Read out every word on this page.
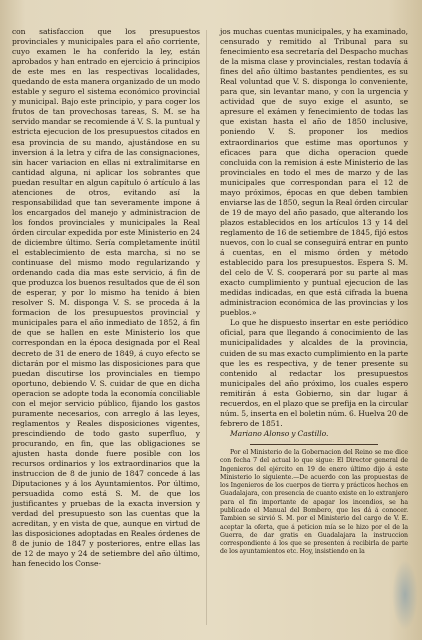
con satisfaccion que los presupuestos provinciales y municipales para el año corriente, cuyo examen le ha conferido la ley, están aprobados y han entrado en ejercicio á principios de este mes en las respectivas localidades, quedando de esta manera organizado de un modo estable y seguro el sistema económico provincial y municipal. Bajo este principio, y para coger los frutos de tan provechosas tareas, S. M. se ha servido mandar se recomiende á V. S. la puntual y estricta ejecucion de los presupuestos citados en esa provincia de su mando, ajustándose en su inversion á la letra y cifra de las consignaciones, sin hacer variacion en ellas ni extralimitarse en cantidad alguna, ni aplicar los sobrantes que puedan resultar en algun capítulo ó artículo á las atenciones de otros, evitando así la responsabilidad que tan severamente impone á los encargados del manejo y administracion de los fondos provinciales y municipales la Real órden circular expedida por este Ministerio en 24 de diciembre último. Sería completamente inútil el establecimiento de esta marcha, si no se continuase del mismo modo regularizando y ordenando cada dia mas este servicio, á fin de que produzca los buenos resultados que de él son de esperar, y por lo mismo ha tenido á bien resolver S. M. disponga V. S. se proceda á la formacion de los presupuestos provincial y municipales para el año inmediato de 1852, á fin de que se hallen en este Ministerio los que correspondan en la época designada por el Real decreto de 31 de enero de 1849, á cuyo efecto se dictarán por el mismo las disposiciones para que puedan discutirse los provinciales en tiempo oportuno, debiendo V. S. cuidar de que en dicha operacion se adopte toda la economía conciliable con el mejor servicio público, fijando los gastos puramente necesarios, con arreglo á las leyes, reglamentos y Reales disposiciones vigentes, prescindiendo de todo gasto superfluo, y procurando, en fin, que las obligaciones se ajusten hasta donde fuere posible con los recursos ordinarios y los extraordinarios que la instruccion de 8 de junio de 1847 concede á las Diputaciones y á los Ayuntamientos. Por último, persuadida como está S. M. de que los justificantes y pruebas de la exacta inversion y verdad del presupuesto son las cuentas que la acreditan, y en vista de que, aunque en virtud de las disposiciones adoptadas en Reales órdenes de 8 de junio de 1847 y posteriores, entre ellas las de 12 de mayo y 24 de setiembre del año último, han fenecido los Conse-

jos muchas cuentas municipales, y ha examinado, censurado y remitido al Tribunal para su fenecimiento esa secretaría del Despacho muchas de la misma clase y provinciales, restan todavía á fines del año último bastantes pendientes, es su Real voluntad que V. S. disponga lo conveniente, para que, sin levantar mano, y con la urgencia y actividad que de suyo exige el asunto, se apresure el exámen y fenecimiento de todas las que existan hasta el año de 1850 inclusive, poniendo V. S. proponer los medios extraordinarios que estime mas oportunos y eficaces para que dicha operacion quede concluida con la remision á este Ministerio de las provinciales en todo el mes de marzo y de las municipales que correspondan para el 12 de mayo próximos, épocas en que deben tambien enviarse las de 1850, segun la Real órden circular de 19 de mayo del año pasado, que alterando los plazos establecidos en los artículos 13 y 14 del reglamento de 16 de setiembre de 1845, fijó estos nuevos, con lo cual se conseguirá entrar en punto á cuentas, en el mismo órden y método establecido para los presupuestos. Espera S. M. del celo de V. S. cooperará por su parte al mas exacto cumplimiento y puntual ejecucion de las medidas indicadas, en que está cifrada la buena administracion económica de las provincias y los pueblos.»

Lo que he dispuesto insertar en este periódico oficial, para que llegando á conocimiento de las municipalidades y alcaldes de la provincia, cuiden de su mas exacto cumplimiento en la parte que les es respectiva, y de tener presente su contenido al redactar los presupuestos municipales del año próximo, los cuales espero remitirán á esta Gobierno, sin dar lugar á recuerdos, en el plazo que se prefija en la circular núm. 5, inserta en el boletin núm. 6. Huelva 20 de febrero de 1851.

Mariano Alonso y Castillo.

Por el Ministerio de la Gobernacion del Reino se me dice con fecha 7 del actual lo que sigue: El Director general de Ingenieros del ejército en 19 de enero último dijo á este Ministerio lo siguiente.—De acuerdo con las propuestas de los Ingenieros de los cuerpos de tierra y prácticos hechos en Guadalajara, con presencia de cuanto existe en lo extranjero para el fin importante de apagar los incendios, se ha publicado el Manual del Bombero, que les dá á conocer. Tambien se sirvió S. M. por el Ministerio del cargo de V. E. aceptar la oferta, que á peticion mía se le hizo por el de la Guerra, de dar gratis en Guadalajara la instruccion correspondiente á los que se presenten á recibirla de parte de los ayuntamientos etc. Hoy, insistiendo en la
